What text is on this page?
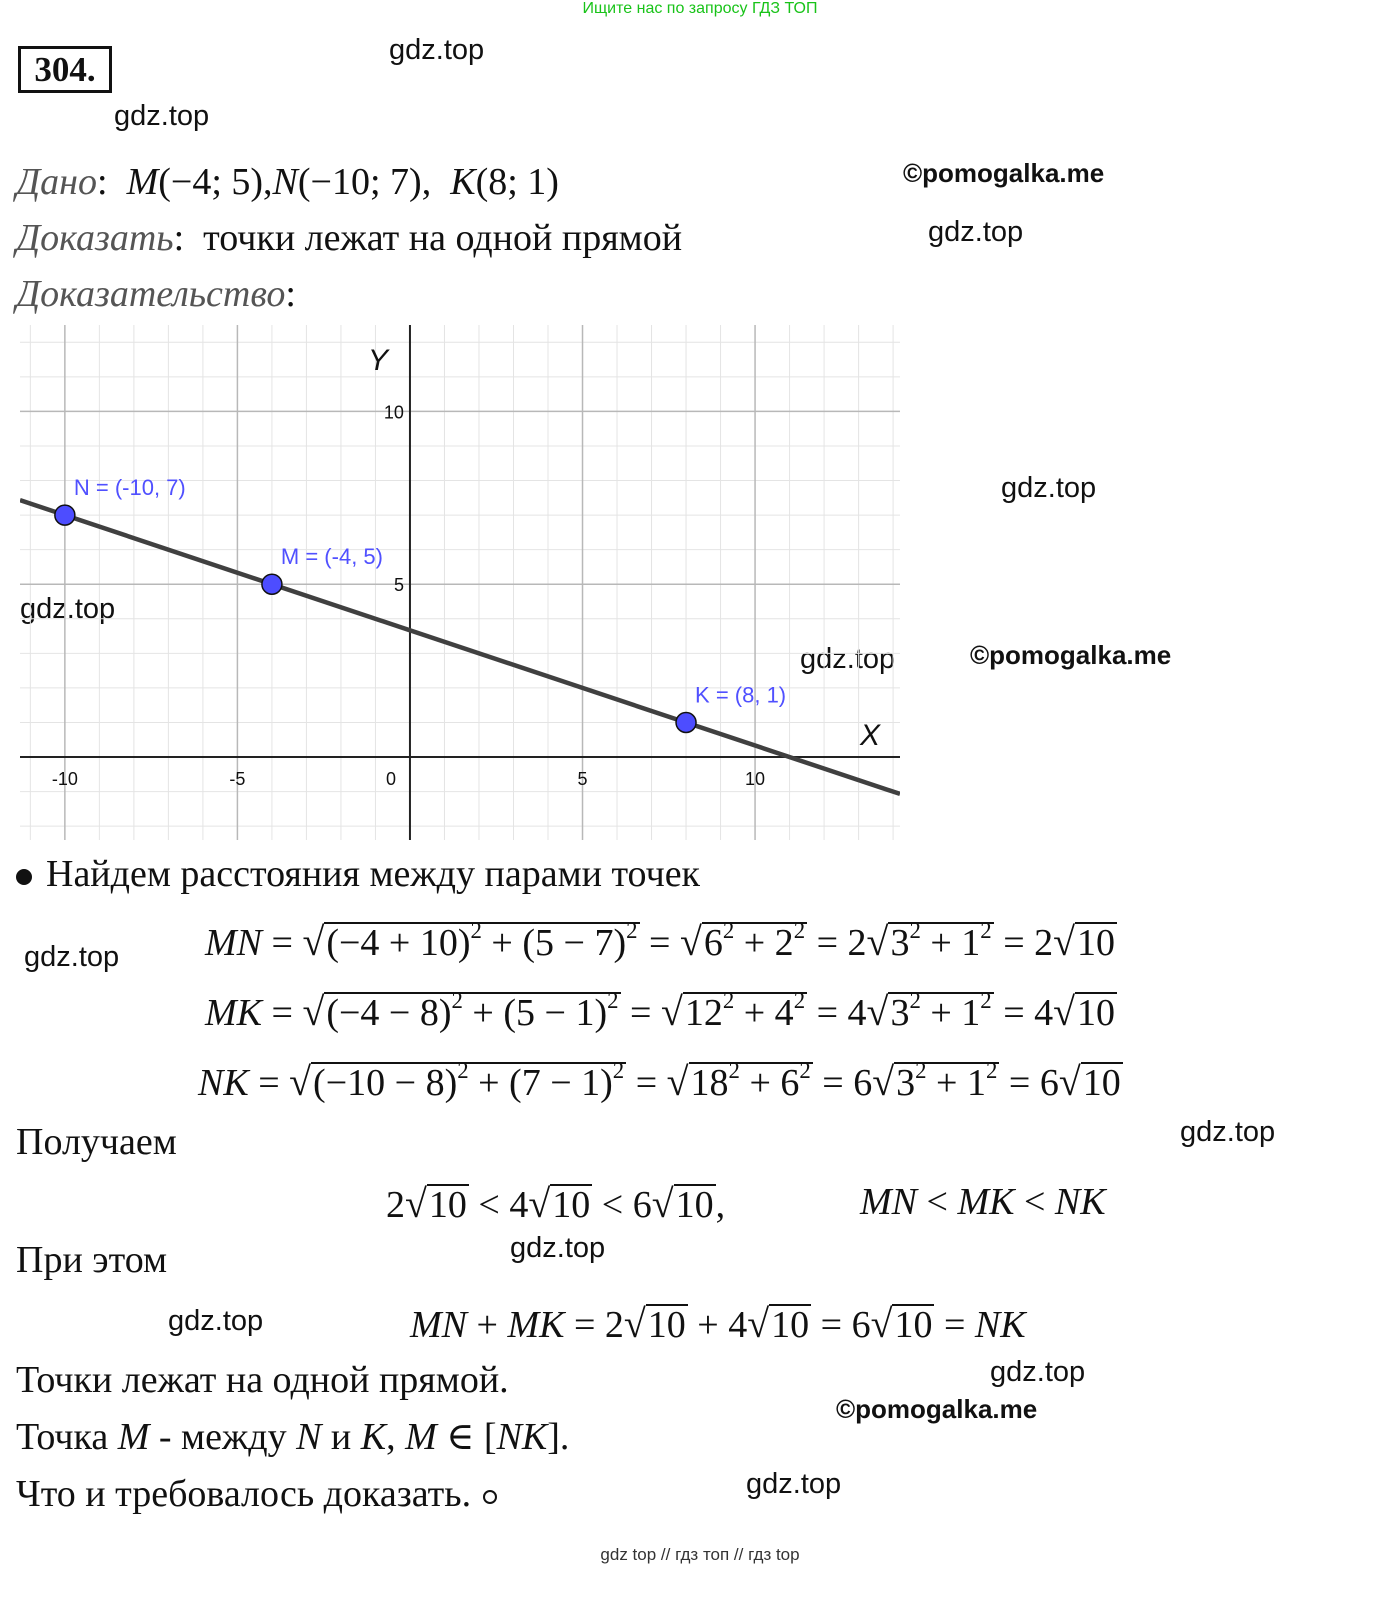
Ищите нас по запросу ГДЗ ТОП
304.	gdz.top
gdz.top
©pomogalka.me
gdz.top
gdz.top
gdz.top
gdz.top	©pomogalka.me
gdz.top
gdz.top
gdz.top
gdz.top
gdz.top
©pomogalka.me
gdz.top
Дано: M(−4; 5),N(−10; 7), K(8; 1)
Доказать: точки лежат на одной прямой
Доказательство:
-10	-5	0	5	10
5
10
Y
X
N = (-10, 7)
M = (-4, 5)
K = (8, 1)
Найдем расстояния между парами точек
MN = $√(-4 + 10)^2 + (5 - 7)^2 = √6^2 + 2^2 = 2√3^2 + 1^2 = 2√10$
MK = $√(-4 - 8)^2 + (5 - 1)^2 = √12^2 + 4^2 = 4√3^2 + 1^2 = 4√10$
NK = $√(-10 - 8)^2 + (7 - 1)^2 = √18^2 + 6^2 = 6√3^2 + 1^2 = 6√10$
Получаем
2√10 < 4√10 < 6√10,	MN < MK < NK
При этом
MN + MK = 2√10 + 4√10 = 6√10 = NK
Точки лежат на одной прямой.
Точка M - между N и K, M ∈ [NK].
Что и требовалось доказать.
gdz top // гдз топ // гдз top
